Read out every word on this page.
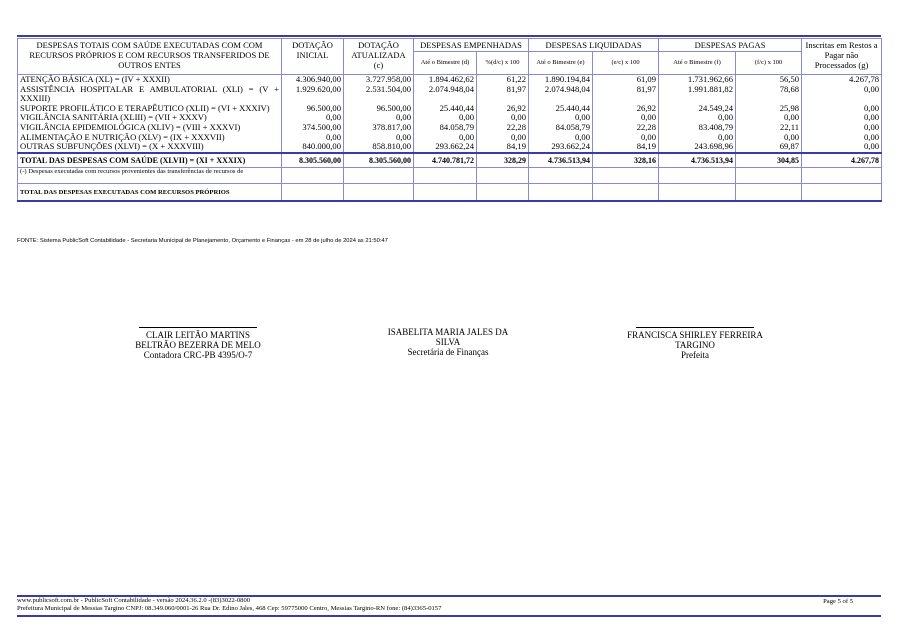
DESPESAS TOTAIS COM SAÚDE EXECUTADAS COM COM RECURSOS PRÓPRIOS E COM RECURSOS TRANSFERIDOS DE OUTROS ENTES	DOTAÇÃO INICIAL	DOTAÇÃO ATUALIZADA (c)	DESPESAS EMPENHADAS		DESPESAS LIQUIDADAS		DESPESAS PAGAS		Inscritas em Restos a Pagar não Processados (g)
			Até o Bimestre (d)	%(d/c) x 100	Até o Bimestre (e)	(e/c) x 100	Até o Bimestre (f)	(f/c) x 100	
ATENÇÃO BÁSICA (XL) = (IV + XXXII)	4.306.940,00	3.727.958,00	1.894.462,62	61,22	1.890.194,84	61,09	1.731.962,66	56,50	4.267,78
ASSISTÊNCIA HOSPITALAR E AMBULATORIAL (XLI) = (V + XXXIII)	1.929.620,00	2.531.504,00	2.074.948,04	81,97	2.074.948,04	81,97	1.991.881,82	78,68	0,00
SUPORTE PROFILÁTICO E TERAPÊUTICO (XLII) = (VI + XXXIV)	96.500,00	96.500,00	25.440,44	26,92	25.440,44	26,92	24.549,24	25,98	0,00
VIGILÂNCIA SANITÁRIA (XLIII) = (VII + XXXV)	0,00	0,00	0,00	0,00	0,00	0,00	0,00	0,00	0,00
VIGILÂNCIA EPIDEMIOLÓGICA (XLIV) = (VIII + XXXVI)	374.500,00	378.817,00	84.058,79	22,28	84.058,79	22,28	83.408,79	22,11	0,00
ALIMENTAÇÃO E NUTRIÇÃO (XLV) = (IX + XXXVII)	0,00	0,00	0,00	0,00	0,00	0,00	0,00	0,00	0,00
OUTRAS SUBFUNÇÕES (XLVI) = (X + XXXVIII)	840.000,00	858.810,00	293.662,24	84,19	293.662,24	84,19	243.698,96	69,87	0,00
TOTAL DAS DESPESAS COM SAÚDE (XLVII) = (XI + XXXIX)	8.305.560,00	8.305.560,00	4.740.781,72	328,29	4.736.513,94	328,16	4.736.513,94	304,85	4.267,78
(-) Despesas executadas com recursos provenientes das transferências de recursos de									
TOTAL DAS DESPESAS EXECUTADAS COM RECURSOS PRÓPRIOS									
FONTE: Sistema PublicSoft Contabilidade - Secretaria Municipal de Planejamento, Orçamento e Finanças - em 28 de julho de 2024 as 21:50:47
CLAIR LEITÃO MARTINS BELTRÃO BEZERRA DE MELO
Contadora CRC-PB 4395/O-7
ISABELITA MARIA JALES DA SILVA
Secretária de Finanças
FRANCISCA SHIRLEY FERREIRA TARGINO
Prefeita
www.publicsoft.com.br - PublicSoft Contabilidade - versão 2024.36.2.0 -(83)3022-0800
Prefeitura Municipal de Messias Targino CNPJ: 08.349.060/0001-26 Rua Dr. Edino Jales, 468 Cep: 59775000 Centro, Messias Targino-RN fone: (84)3365-0157
Page 5 of 5
